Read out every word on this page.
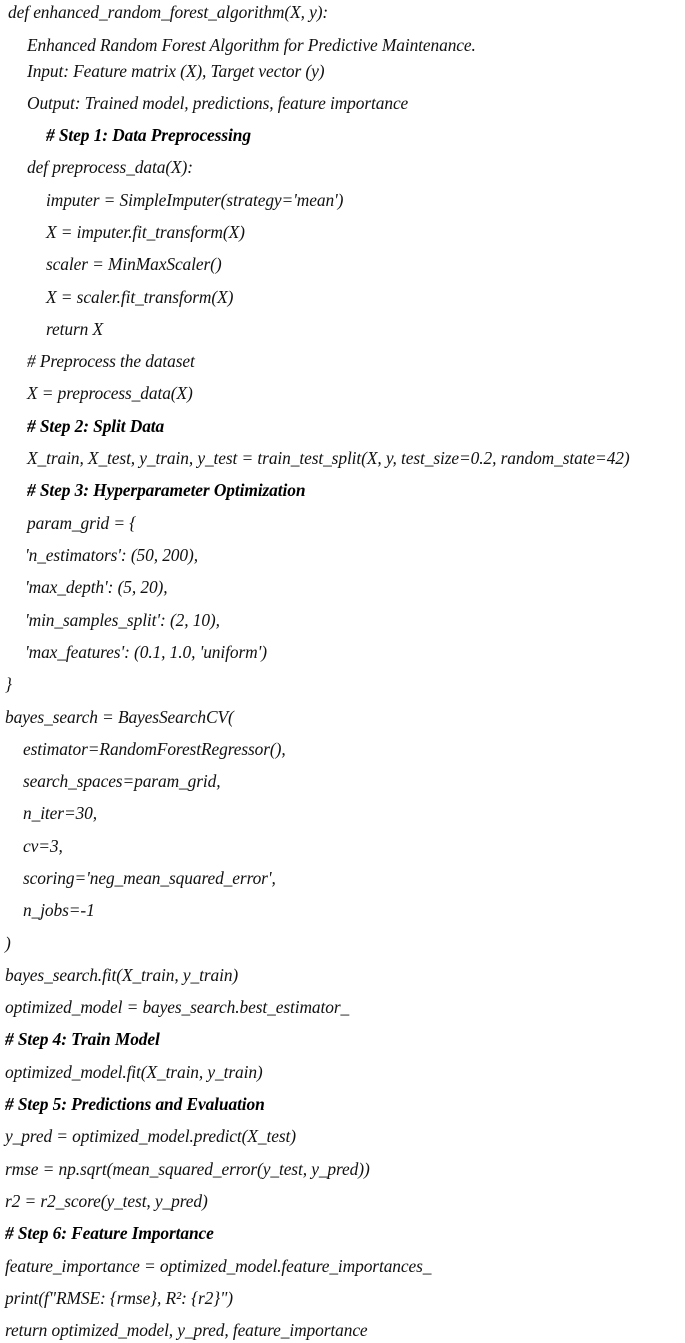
def enhanced_random_forest_algorithm(X, y):
Enhanced Random Forest Algorithm for Predictive Maintenance.
Input: Feature matrix (X), Target vector (y)
Output: Trained model, predictions, feature importance
# Step 1: Data Preprocessing
def preprocess_data(X):
imputer = SimpleImputer(strategy='mean')
X = imputer.fit_transform(X)
scaler = MinMaxScaler()
X = scaler.fit_transform(X)
return X
# Preprocess the dataset
X = preprocess_data(X)
# Step 2: Split Data
X_train, X_test, y_train, y_test = train_test_split(X, y, test_size=0.2, random_state=42)
# Step 3: Hyperparameter Optimization
param_grid = {
'n_estimators': (50, 200),
'max_depth': (5, 20),
'min_samples_split': (2, 10),
'max_features': (0.1, 1.0, 'uniform')
}
bayes_search = BayesSearchCV(
estimator=RandomForestRegressor(),
search_spaces=param_grid,
n_iter=30,
cv=3,
scoring='neg_mean_squared_error',
n_jobs=-1
)
bayes_search.fit(X_train, y_train)
optimized_model = bayes_search.best_estimator_
# Step 4: Train Model
optimized_model.fit(X_train, y_train)
# Step 5: Predictions and Evaluation
y_pred = optimized_model.predict(X_test)
rmse = np.sqrt(mean_squared_error(y_test, y_pred))
r2 = r2_score(y_test, y_pred)
# Step 6: Feature Importance
feature_importance = optimized_model.feature_importances_
print(f"RMSE: {rmse}, R²: {r2}")
return optimized_model, y_pred, feature_importance
